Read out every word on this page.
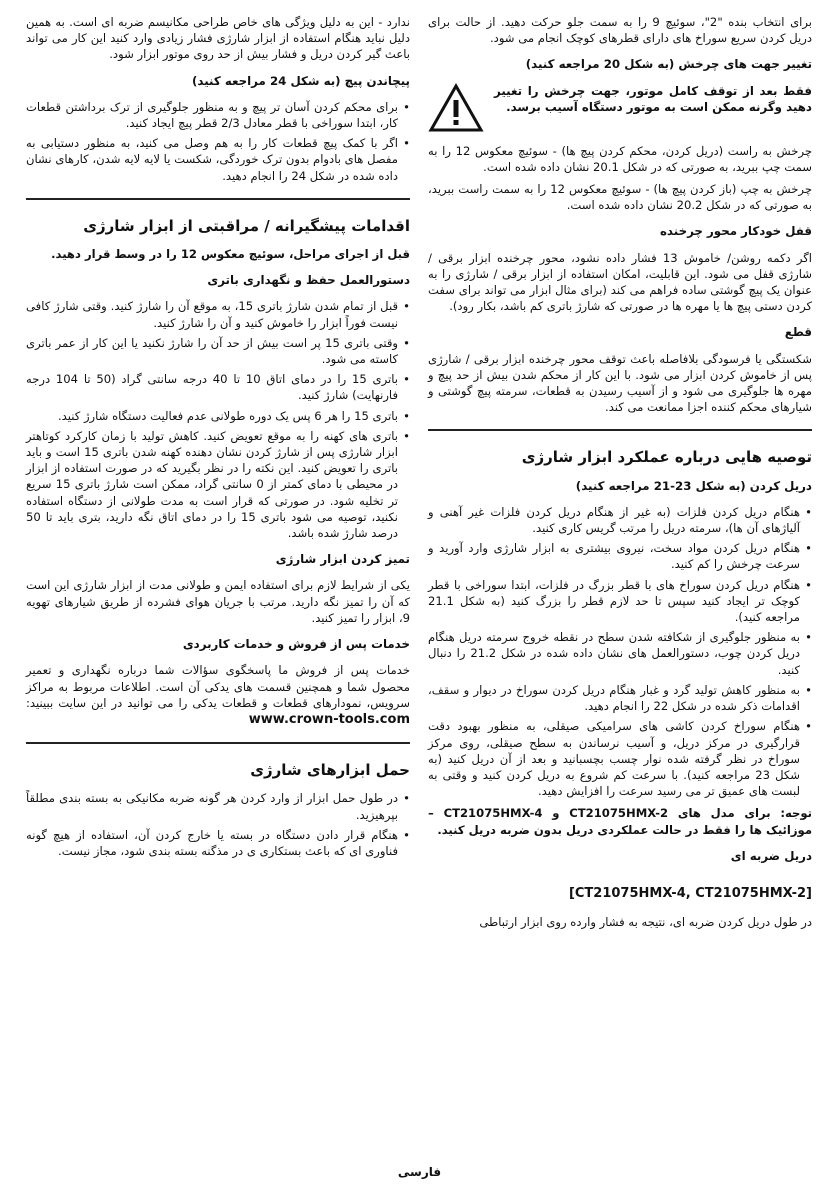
برای انتخاب بنده "2"، سوئیچ 9 را به سمت جلو حرکت دهید. از حالت برای دریل کردن سریع سوراخ های دارای قطرهای کوچک انجام می شود.

تغییر جهت های چرخش (به شکل 20 مراجعه کنید)

فقط بعد از توقف کامل موتور، جهت چرخش را تغییر دهید وگرنه ممکن است به موتور دستگاه آسیب برسد.

چرخش به راست (دریل کردن، محکم کردن پیچ ها) - سوئیچ معکوس 12 را به سمت چپ ببرید، به صورتی که در شکل 20.1 نشان داده شده است.

چرخش به چپ (باز کردن پیچ ها) - سوئیچ معکوس 12 را به سمت راست ببرید، به صورتی که در شکل 20.2 نشان داده شده است.

قفل خودکار محور چرخنده

اگر دکمه روشن/ خاموش 13 فشار داده نشود، محور چرخنده ابزار برقی / شارژی قفل می شود. این قابلیت، امکان استفاده از ابزار برقی / شارژی را به عنوان یک پیچ گوشتی ساده فراهم می کند (برای مثال ابزار می تواند برای سفت کردن دستی پیچ ها یا مهره ها در صورتی که شارژ باتری کم باشد، بکار رود).

قطع

شکستگی یا فرسودگی بلافاصله باعث توقف محور چرخنده ابزار برقی / شارژی پس از خاموش کردن ابزار می شود. با این کار از محکم شدن بیش از حد پیچ و مهره ها جلوگیری می شود و از آسیب رسیدن به قطعات، سرمته پیچ گوشتی و شیارهای محکم کننده اجزا ممانعت می کند.

توصیه هایی درباره عملکرد ابزار شارژی

دریل کردن (به شکل 23-21 مراجعه کنید)

• هنگام دریل کردن فلزات (به غیر از هنگام دریل کردن فلزات غیر آهنی و آلیاژهای آن ها)، سرمته دریل را مرتب گریس کاری کنید.
• هنگام دریل کردن مواد سخت، نیروی بیشتری به ابزار شارژی وارد آورید و سرعت چرخش را کم کنید.
• هنگام دریل کردن سوراخ های با قطر بزرگ در فلزات، ابتدا سوراخی با قطر کوچک تر ایجاد کنید سپس تا حد لازم قطر را بزرگ کنید (به شکل 21.1 مراجعه کنید).
• به منظور جلوگیری از شکافته شدن سطح در نقطه خروج سرمته دریل هنگام دریل کردن چوب، دستورالعمل های نشان داده شده در شکل 21.2 را دنبال کنید.
• به منظور کاهش تولید گرد و غبار هنگام دریل کردن سوراخ در دیوار و سقف، اقدامات ذکر شده در شکل 22 را انجام دهید.
• هنگام سوراخ کردن کاشی های سرامیکی صیقلی، به منظور بهبود دقت قرارگیری در مرکز دریل، و آسیب نرساندن به سطح صیقلی، روی مرکز سوراخ در نظر گرفته شده نوار چسب بچسبانید و بعد از آن دریل کنید (به شکل 23 مراجعه کنید). با سرعت کم شروع به دریل کردن کنید و وقتی به لبست های عمیق تر می رسید سرعت را افزایش دهید.

توجه: برای مدل های CT21075HMX-2 و CT21075HMX-4 – موزائیک ها را فقط در حالت عملکردی دریل بدون ضربه دریل کنید.

دریل ضربه ای

[CT21075HMX-4, CT21075HMX-2]

در طول دریل کردن ضربه ای، نتیجه به فشار وارده روی ابزار ارتباطی

ندارد - این به دلیل ویژگی های خاص طراحی مکانیسم ضربه ای است. به همین دلیل نباید هنگام استفاده از ابزار شارژی فشار زیادی وارد کنید این کار می تواند باعث گیر کردن دریل و فشار بیش از حد روی موتور ابزار شود.

پیچاندن پیچ (به شکل 24 مراجعه کنید)

• برای محکم کردن آسان تر پیچ و به منظور جلوگیری از ترک برداشتن قطعات کار، ابتدا سوراخی با قطر معادل 2/3 قطر پیچ ایجاد کنید.
• اگر با کمک پیچ قطعات کار را به هم وصل می کنید، به منظور دستیابی به مفصل های بادوام بدون ترک خوردگی، شکست یا لایه لایه شدن، کارهای نشان داده شده در شکل 24 را انجام دهید.

اقدامات پیشگیرانه / مراقبتی از ابزار شارژی

قبل از اجرای مراحل، سوئیچ معکوس 12 را در وسط قرار دهید.

دستورالعمل حفظ و نگهداری باتری

• قبل از تمام شدن شارژ باتری 15، به موقع آن را شارژ کنید. وقتی شارژ کافی نیست فوراً ابزار را خاموش کنید و آن را شارژ کنید.
• وقتی باتری 15 پر است بیش از حد آن را شارژ نکنید یا این کار از عمر باتری کاسته می شود.
• باتری 15 را در دمای اتاق 10 تا 40 درجه سانتی گراد (50 تا 104 درجه فارنهایت) شارژ کنید.
• باتری 15 را هر 6 پس یک دوره طولانی عدم فعالیت دستگاه شارژ کنید.
• باتری های کهنه را به موقع تعویض کنید. کاهش تولید با زمان کارکرد کوتاهتر ابزار شارژی پس از شارژ کردن نشان دهنده کهنه شدن باتری 15 است و باید باتری را تعویض کنید. این نکته را در نظر بگیرید که در صورت استفاده از ابزار در محیطی با دمای کمتر از 0 سانتی گراد، ممکن است شارژ باتری 15 سریع تر تخلیه شود. در صورتی که قرار است به مدت طولانی از دستگاه استفاده نکنید، توصیه می شود باتری 15 را در دمای اتاق نگه دارید، بتری باید تا 50 درصد شارژ شده باشد.

تمیز کردن ابزار شارژی

یکی از شرایط لازم برای استفاده ایمن و طولانی مدت از ابزار شارژی این است که آن را تمیز نگه دارید. مرتب با جریان هوای فشرده از طریق شیارهای تهویه 9، ابزار را تمیز کنید.

خدمات پس از فروش و خدمات کاربردی

خدمات پس از فروش ما پاسخگوی سؤالات شما درباره نگهداری و تعمیر محصول شما و همچنین قسمت های یدکی آن است. اطلاعات مربوط به مراکز سرویس، نمودارهای قطعات و قطعات یدکی را می توانید در این سایت ببینید: www.crown-tools.com

حمل ابزارهای شارژی

• در طول حمل ابزار از وارد کردن هر گونه ضربه مکانیکی به بسته بندی مطلقاً بپرهیزید.
• هنگام قرار دادن دستگاه در بسته یا خارج کردن آن، استفاده از هیچ گونه فناوری ای که باعث بستکاری ی در مذگنه بسته بندی شود، مجاز نیست.
فارسی
